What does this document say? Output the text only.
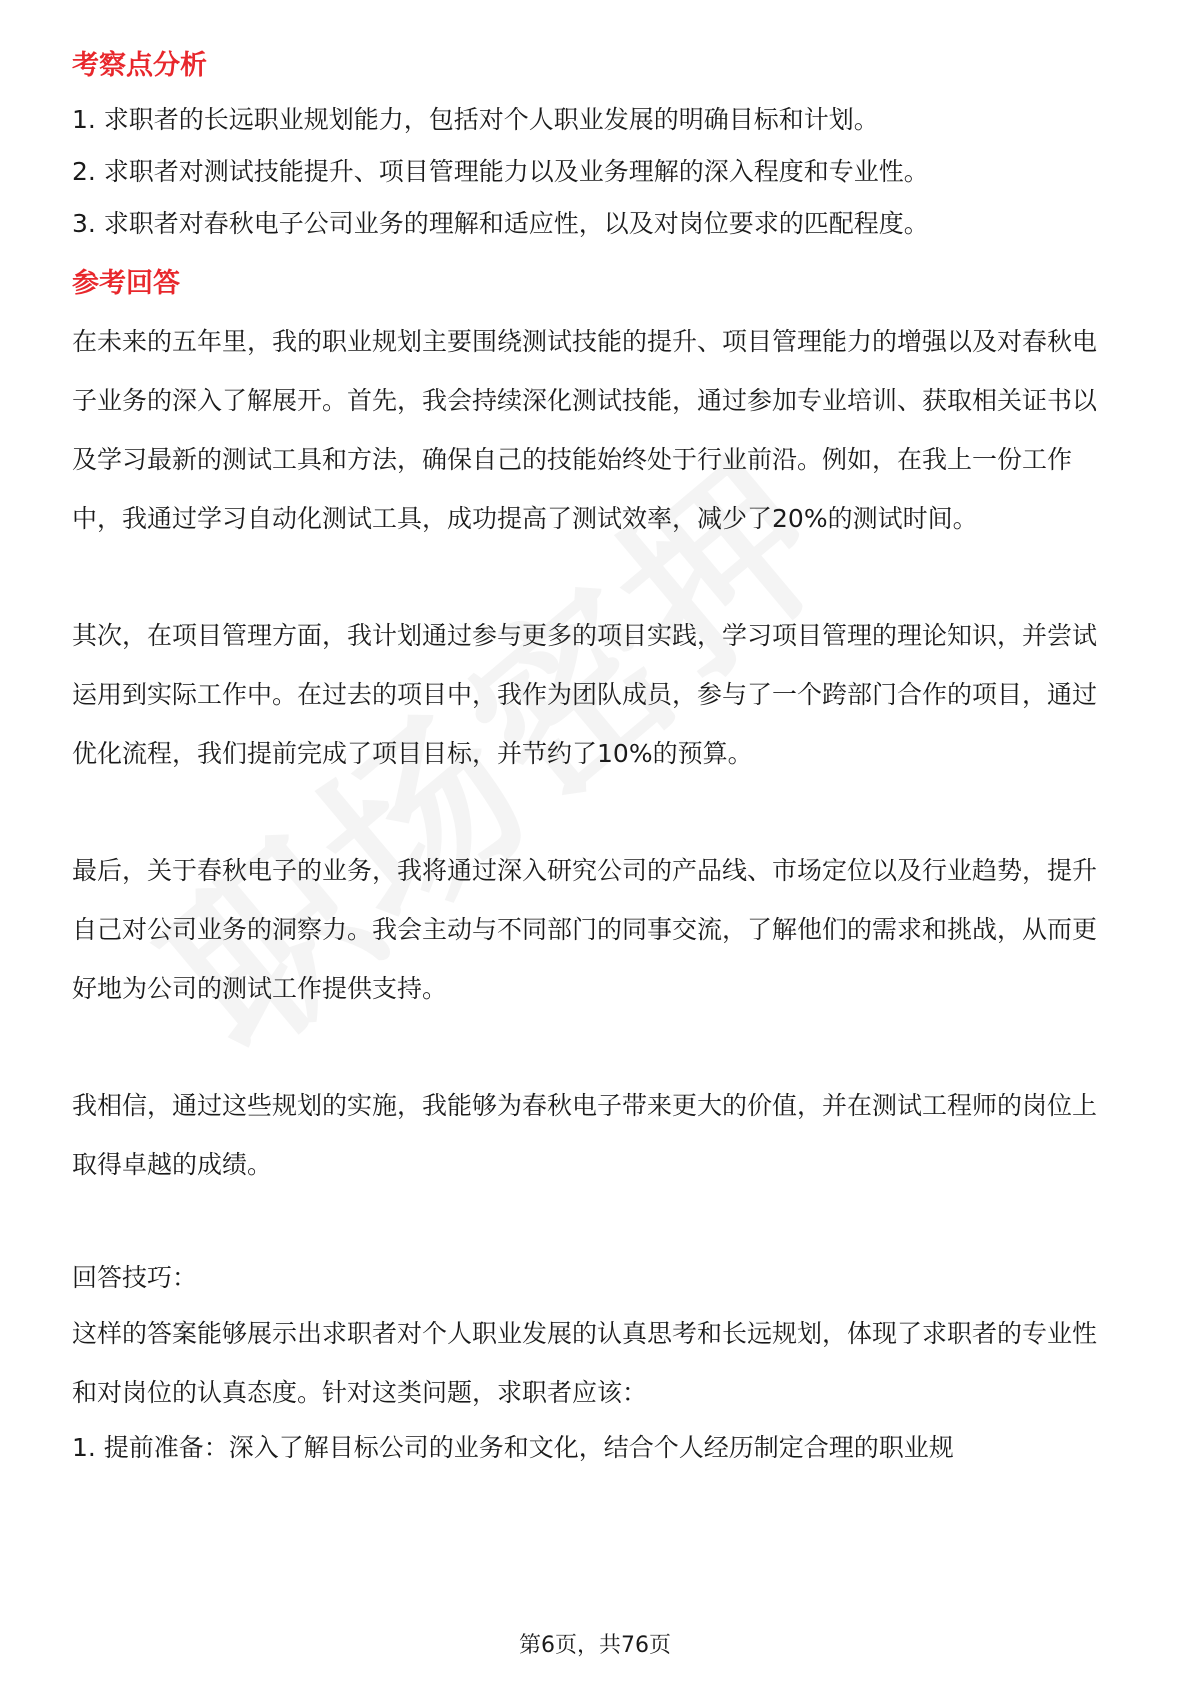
考察点分析

1. 求职者的长远职业规划能力，包括对个人职业发展的明确目标和计划。

2. 求职者对测试技能提升、项目管理能力以及业务理解的深入程度和专业性。

3. 求职者对春秋电子公司业务的理解和适应性，以及对岗位要求的匹配程度。

参考回答

在未来的五年里，我的职业规划主要围绕测试技能的提升、项目管理能力的增强以及对春秋电子业务的深入了解展开。首先，我会持续深化测试技能，通过参加专业培训、获取相关证书以及学习最新的测试工具和方法，确保自己的技能始终处于行业前沿。例如，在我上一份工作中，我通过学习自动化测试工具，成功提高了测试效率，减少了20%的测试时间。

其次，在项目管理方面，我计划通过参与更多的项目实践，学习项目管理的理论知识，并尝试运用到实际工作中。在过去的项目中，我作为团队成员，参与了一个跨部门合作的项目，通过优化流程，我们提前完成了项目目标，并节约了10%的预算。

最后，关于春秋电子的业务，我将通过深入研究公司的产品线、市场定位以及行业趋势，提升自己对公司业务的洞察力。我会主动与不同部门的同事交流，了解他们的需求和挑战，从而更好地为公司的测试工作提供支持。

我相信，通过这些规划的实施，我能够为春秋电子带来更大的价值，并在测试工程师的岗位上取得卓越的成绩。

回答技巧：

这样的答案能够展示出求职者对个人职业发展的认真思考和长远规划，体现了求职者的专业性和对岗位的认真态度。针对这类问题，求职者应该：

1. 提前准备：深入了解目标公司的业务和文化，结合个人经历制定合理的职业规

第6页，共76页
